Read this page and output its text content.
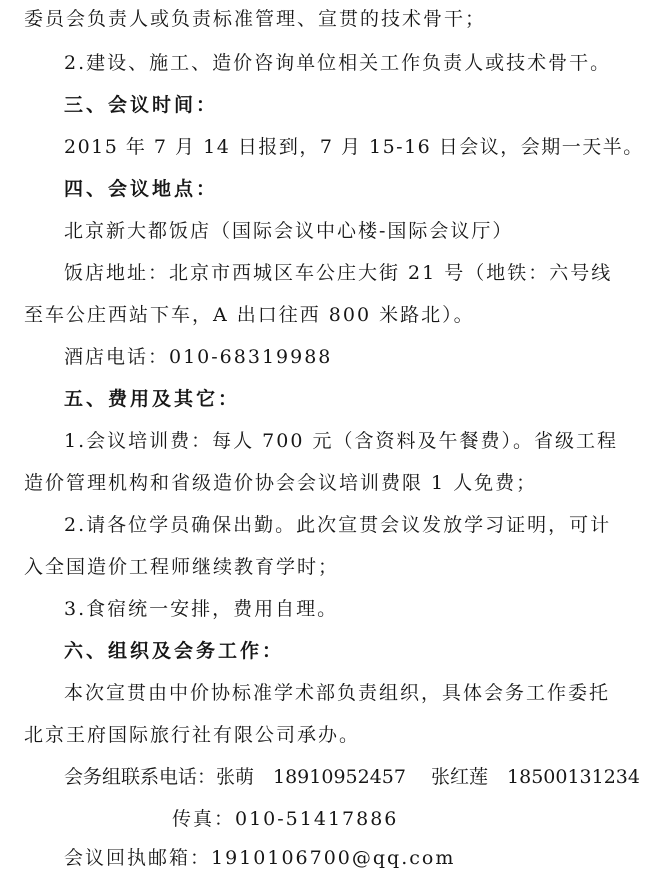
委员会负责人或负责标准管理、宣贯的技术骨干；
2.建设、施工、造价咨询单位相关工作负责人或技术骨干。
三、会议时间：
2015 年 7 月 14 日报到，7 月 15-16 日会议，会期一天半。
四、会议地点：
北京新大都饭店（国际会议中心楼-国际会议厅）
饭店地址：北京市西城区车公庄大街 21 号（地铁：六号线
至车公庄西站下车，A 出口往西 800 米路北）。
酒店电话：010-68319988
五、费用及其它：
1.会议培训费：每人 700 元（含资料及午餐费）。省级工程
造价管理机构和省级造价协会会议培训费限 1 人免费；
2.请各位学员确保出勤。此次宣贯会议发放学习证明，可计
入全国造价工程师继续教育学时；
3.食宿统一安排，费用自理。
六、组织及会务工作：
本次宣贯由中价协标准学术部负责组织，具体会务工作委托
北京王府国际旅行社有限公司承办。
会务组联系电话：张萌　18910952457　 张红莲　18500131234
传真：010-51417886
会议回执邮箱：1910106700@qq.com
